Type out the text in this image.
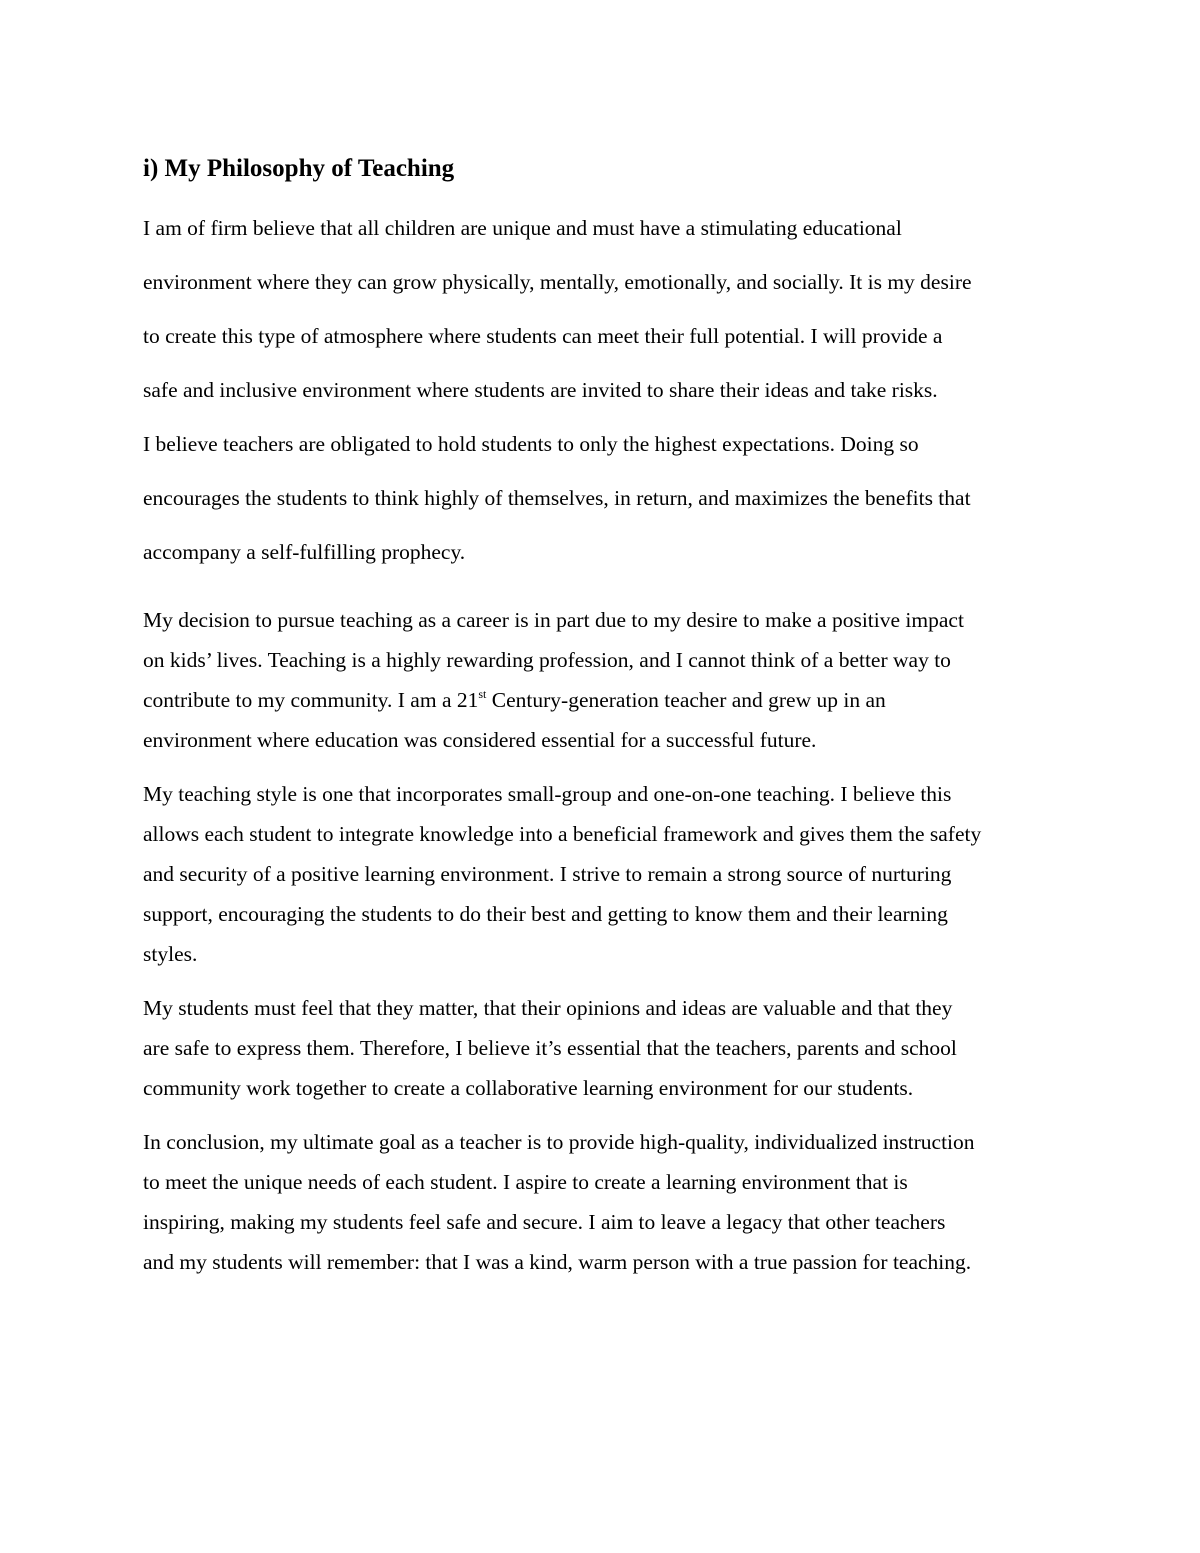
i) My Philosophy of Teaching

I am of firm believe that all children are unique and must have a stimulating educational
environment where they can grow physically, mentally, emotionally, and socially. It is my desire
to create this type of atmosphere where students can meet their full potential. I will provide a
safe and inclusive environment where students are invited to share their ideas and take risks.
I believe teachers are obligated to hold students to only the highest expectations. Doing so
encourages the students to think highly of themselves, in return, and maximizes the benefits that
accompany a self-fulfilling prophecy.

My decision to pursue teaching as a career is in part due to my desire to make a positive impact
on kids’ lives. Teaching is a highly rewarding profession, and I cannot think of a better way to
contribute to my community. I am a 21st Century-generation teacher and grew up in an
environment where education was considered essential for a successful future.

My teaching style is one that incorporates small-group and one-on-one teaching. I believe this
allows each student to integrate knowledge into a beneficial framework and gives them the safety
and security of a positive learning environment. I strive to remain a strong source of nurturing
support, encouraging the students to do their best and getting to know them and their learning
styles.

My students must feel that they matter, that their opinions and ideas are valuable and that they
are safe to express them. Therefore, I believe it’s essential that the teachers, parents and school
community work together to create a collaborative learning environment for our students.

In conclusion, my ultimate goal as a teacher is to provide high-quality, individualized instruction
to meet the unique needs of each student. I aspire to create a learning environment that is
inspiring, making my students feel safe and secure. I aim to leave a legacy that other teachers
and my students will remember: that I was a kind, warm person with a true passion for teaching.
